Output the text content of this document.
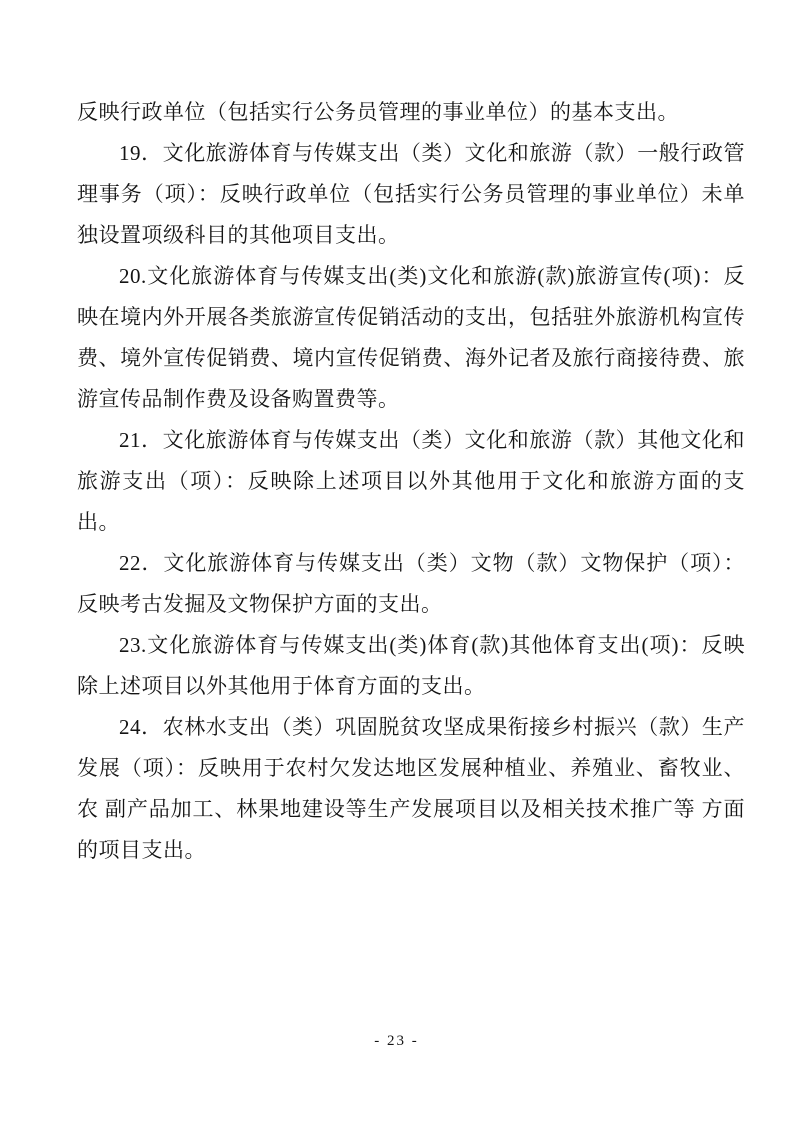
反映行政单位（包括实行公务员管理的事业单位）的基本支出。

19．文化旅游体育与传媒支出（类）文化和旅游（款）一般行政管理事务（项）：反映行政单位（包括实行公务员管理的事业单位）未单独设置项级科目的其他项目支出。

20.文化旅游体育与传媒支出(类)文化和旅游(款)旅游宣传(项)：反映在境内外开展各类旅游宣传促销活动的支出，包括驻外旅游机构宣传费、境外宣传促销费、境内宣传促销费、海外记者及旅行商接待费、旅游宣传品制作费及设备购置费等。

21．文化旅游体育与传媒支出（类）文化和旅游（款）其他文化和旅游支出（项）：反映除上述项目以外其他用于文化和旅游方面的支出。

22．文化旅游体育与传媒支出（类）文物（款）文物保护（项）：反映考古发掘及文物保护方面的支出。

23.文化旅游体育与传媒支出(类)体育(款)其他体育支出(项)：反映除上述项目以外其他用于体育方面的支出。

24．农林水支出（类）巩固脱贫攻坚成果衔接乡村振兴（款）生产发展（项）：反映用于农村欠发达地区发展种植业、养殖业、畜牧业、农 副产品加工、林果地建设等生产发展项目以及相关技术推广等 方面的项目支出。

- 23 -
